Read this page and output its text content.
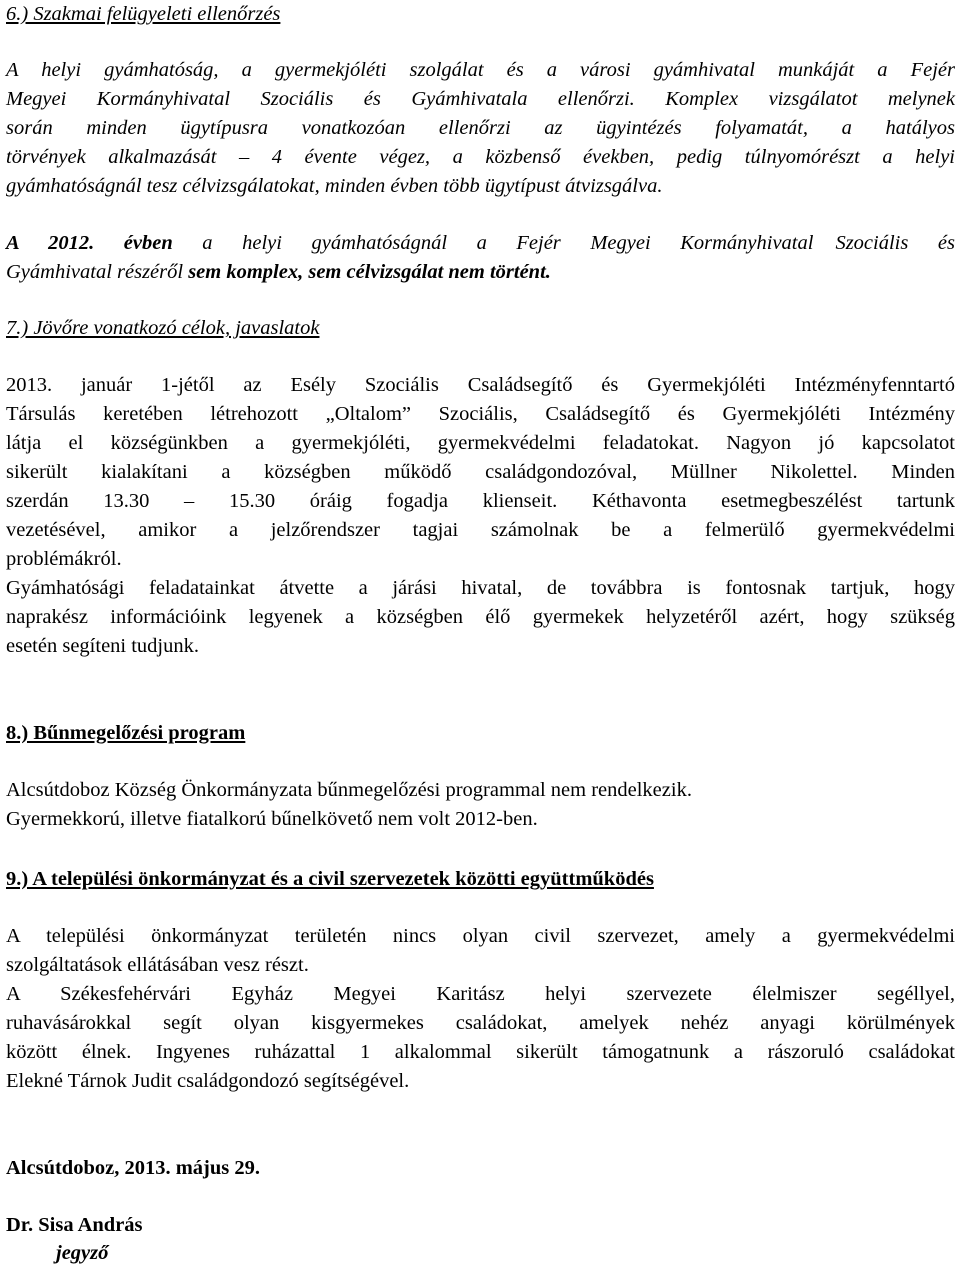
6.) Szakmai felügyeleti ellenőrzés

A helyi gyámhatóság, a gyermekjóléti szolgálat és a városi gyámhivatal munkáját a Fejér

Megyei Kormányhivatal Szociális és Gyámhivatala ellenőrzi. Komplex vizsgálatot melynek

során minden ügytípusra vonatkozóan ellenőrzi az ügyintézés folyamatát, a hatályos

törvények alkalmazását – 4 évente végez, a közbenső években, pedig túlnyomórészt a helyi

gyámhatóságnál tesz célvizsgálatokat, minden évben több ügytípust átvizsgálva.

A 2012. évben a helyi gyámhatóságnál a Fejér Megyei Kormányhivatal Szociális és

Gyámhivatal részéről sem komplex, sem célvizsgálat nem történt.

7.) Jövőre vonatkozó célok, javaslatok

2013. január 1-jétől az Esély Szociális Családsegítő és Gyermekjóléti Intézményfenntartó

Társulás keretében létrehozott „Oltalom” Szociális, Családsegítő és Gyermekjóléti Intézmény

látja el községünkben a gyermekjóléti, gyermekvédelmi feladatokat. Nagyon jó kapcsolatot

sikerült kialakítani a községben működő családgondozóval, Müllner Nikolettel. Minden

szerdán 13.30 – 15.30 óráig fogadja klienseit. Kéthavonta esetmegbeszélést tartunk

vezetésével, amikor a jelzőrendszer tagjai számolnak be a felmerülő gyermekvédelmi

problémákról.

Gyámhatósági feladatainkat átvette a járási hivatal, de továbbra is fontosnak tartjuk, hogy

naprakész információink legyenek a községben élő gyermekek helyzetéről azért, hogy szükség

esetén segíteni tudjunk.

8.) Bűnmegelőzési program

Alcsútdoboz Község Önkormányzata bűnmegelőzési programmal nem rendelkezik.

Gyermekkorú, illetve fiatalkorú bűnelkövető nem volt 2012-ben.

9.) A települési önkormányzat és a civil szervezetek közötti együttműködés

A települési önkormányzat területén nincs olyan civil szervezet, amely a gyermekvédelmi

szolgáltatások ellátásában vesz részt.

A Székesfehérvári Egyház Megyei Karitász helyi szervezete élelmiszer segéllyel,

ruhavásárokkal segít olyan kisgyermekes családokat, amelyek nehéz anyagi körülmények

között élnek. Ingyenes ruházattal 1 alkalommal sikerült támogatnunk a rászoruló családokat

Elekné Tárnok Judit családgondozó segítségével.

Alcsútdoboz, 2013. május 29.

Dr. Sisa András

jegyző
